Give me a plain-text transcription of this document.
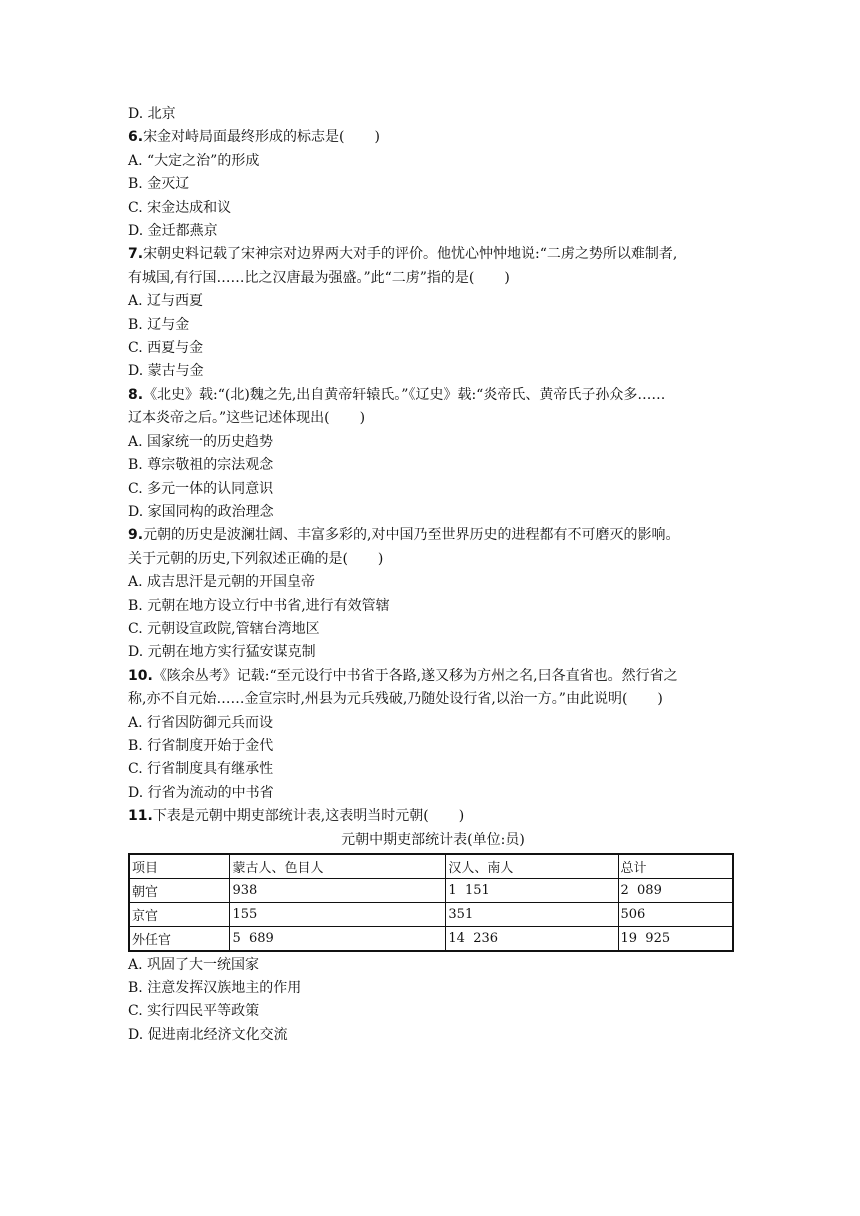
D. 北京
6.宋金对峙局面最终形成的标志是( )
A. “大定之治”的形成
B. 金灭辽
C. 宋金达成和议
D. 金迁都燕京
7.宋朝史料记载了宋神宗对边界两大对手的评价。他忧心忡忡地说:“二虏之势所以难制者,
有城国,有行国……比之汉唐最为强盛。”此“二虏”指的是( )
A. 辽与西夏
B. 辽与金
C. 西夏与金
D. 蒙古与金
8.《北史》载:“(北)魏之先,出自黄帝轩辕氏。”《辽史》载:“炎帝氏、黄帝氏子孙众多……
辽本炎帝之后。”这些记述体现出( )
A. 国家统一的历史趋势
B. 尊宗敬祖的宗法观念
C. 多元一体的认同意识
D. 家国同构的政治理念
9.元朝的历史是波澜壮阔、丰富多彩的,对中国乃至世界历史的进程都有不可磨灭的影响。
关于元朝的历史,下列叙述正确的是( )
A. 成吉思汗是元朝的开国皇帝
B. 元朝在地方设立行中书省,进行有效管辖
C. 元朝设宣政院,管辖台湾地区
D. 元朝在地方实行猛安谋克制
10.《陔余丛考》记载:“至元设行中书省于各路,遂又移为方州之名,曰各直省也。然行省之
称,亦不自元始……金宣宗时,州县为元兵残破,乃随处设行省,以治一方。”由此说明( )
A. 行省因防御元兵而设
B. 行省制度开始于金代
C. 行省制度具有继承性
D. 行省为流动的中书省
11.下表是元朝中期吏部统计表,这表明当时元朝( )
元朝中期吏部统计表(单位:员)
项目	蒙古人、色目人	汉人、南人	总计
朝官	938	1  151	2  089
京官	155	351	506
外任官	5  689	14  236	19  925
A. 巩固了大一统国家
B. 注意发挥汉族地主的作用
C. 实行四民平等政策
D. 促进南北经济文化交流
